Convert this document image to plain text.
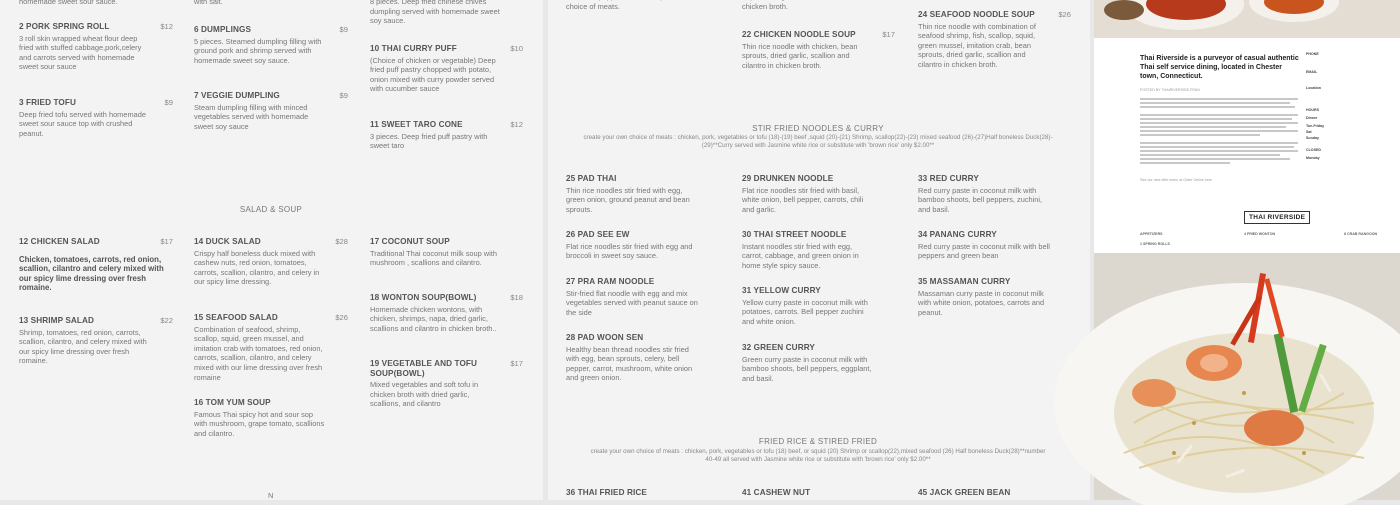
homemade sweet sour sauce.	with salt.	8 pieces. Deep fried chinese chives dumpling served with homemade sweet soy sauce.
2 PORK SPRING ROLL	$12
3 roll skin wrapped wheat flour deep fried with stuffed cabbage,pork,celery and carrots served with homemade sweet sour sauce
3 FRIED TOFU	$9
Deep fried tofu served with homemade sweet sour sauce top with crushed peanut.
6 DUMPLINGS	$9
5 pieces. Steamed dumpling filling with ground pork and shrimp served with homemade sweet soy sauce.
7 VEGGIE DUMPLING	$9
Steam dumpling filling with minced vegetables served with homemade sweet soy sauce
10 THAI CURRY PUFF	$10
(Choice of chicken or vegetable) Deep fried puff pastry chopped with potato, onion mixed with curry powder served with cucumber sauce
11 SWEET TARO CONE	$12
3 pieces. Deep fried puff pastry with sweet taro
SALAD & SOUP
12 CHICKEN SALAD	$17
Chicken, tomatoes, carrots, red onion, scallion, cilantro and celery mixed with our spicy lime dressing over fresh romaine.
13 SHRIMP SALAD	$22
Shrimp, tomatoes, red onion, carrots, scallion, cilantro, and celery mixed with our spicy lime dressing over fresh romaine.
14 DUCK SALAD	$28
Crispy half boneless duck mixed with cashew nuts, red onion, tomatoes, carrots, scallion, cilantro, and celery in our spicy lime dressing.
15 SEAFOOD SALAD	$26
Combination of seafood, shrimp, scallop, squid, green mussel, and imitation crab with tomatoes, red onion, carrots, scallion, cilantro, and celery mixed with our lime dressing over fresh romaine
16 TOM YUM SOUP
Famous Thai spicy hot and sour sop with mushroom, grape tomato, scallions and cilantro.
17 COCONUT SOUP
Traditional Thai coconut milk soup with mushroom , scallions and cilantro.
18 WONTON SOUP(BOWL)	$18
Homemade chicken wontons, with chicken, shrimps, napa, dried garlic, scallions and cilantro in chicken broth..
19 VEGETABLE AND TOFU SOUP(BOWL)
$17
Mixed vegetables and soft tofu in chicken broth with dried garlic, scallions, and cilantro
N
choice of meats.	chicken broth.
22 CHICKEN NOODLE SOUP	$17
Thin rice noodle with chicken, bean sprouts, dried garlic, scallion and cilantro in chicken broth.
24 SEAFOOD NOODLE SOUP	$26
Thin rice noodle with combination of seafood shrimp, fish, scallop, squid, green mussel, imitation crab, bean sprouts, dried garlic, scallion and cilantro in chicken broth.
STIR FRIED NOODLES & CURRY
create your own choice of meats : chicken, pork, vegetables or tofu (18)-(19) beef ,squid (20)-(21) Shrimp, scallop(22)-(23) mixed seafood (26)-(27)Half boneless Duck(28)-(29)**Curry served with Jasmine white rice or substitute with 'brown rice' only $2.00**
25 PAD THAI
Thin rice noodles stir fried with egg, green onion, ground peanut and bean sprouts.
26 PAD SEE EW
Flat rice noodles stir fried with egg and broccoli in sweet soy sauce.
27 PRA RAM NOODLE
Stir-fried flat noodle with egg and mix vegetables served with peanut sauce on the side
28 PAD WOON SEN
Healthy bean thread noodles stir fried with egg, bean sprouts, celery, bell pepper, carrot, mushroom, white onion and green onion.
29 DRUNKEN NOODLE
Flat rice noodles stir fried with basil, white onion, bell pepper, carrots, chili and garlic.
30 THAI STREET NOODLE
Instant noodles stir fried with egg, carrot, cabbage, and green onion in home style spicy sauce.
31 YELLOW CURRY
Yellow curry paste in coconut milk with potatoes, carrots. Bell pepper zuchini and white onion.
32 GREEN CURRY
Green curry paste in coconut milk with bamboo shoots, bell peppers, eggplant, and basil.
33 RED CURRY
Red curry paste in coconut milk with bamboo shoots, bell peppers, zuchini, and basil.
34 PANANG CURRY
Red curry paste in coconut milk with bell peppers and green bean
35 MASSAMAN CURRY
Massaman curry paste in coconut milk with white onion, potatoes, carrots and peanut.
FRIED RICE & STIRED FRIED
create your own choice of meats : chicken, pork, vegetables or tofu (18) beef, or squid (20) Shrimp or scallop(22),mixed seafood (26) Half boneless Duck(28)**number 40-49 all served with Jasmine white rice or substitute with 'brown rice' only $2.00**
36 THAI FRIED RICE	41 CASHEW NUT	45 JACK GREEN BEAN
Thai Riverside is a purveyor of casual authentic Thai self service dining, located in Chester town, Connecticut.
POSTED BY THAIRIVERSIDE.FRAN
See our new offer menu at Order Online here
PHONE
EMAIL
Location
HOURS
Dinner
Tue-Friday
Sat
Sunday
CLOSED
Monday
THAI RIVERSIDE
APPETIZERS	4 FRIED WONTON	8 CRAB RANGOON
1 SPRING ROLLS
